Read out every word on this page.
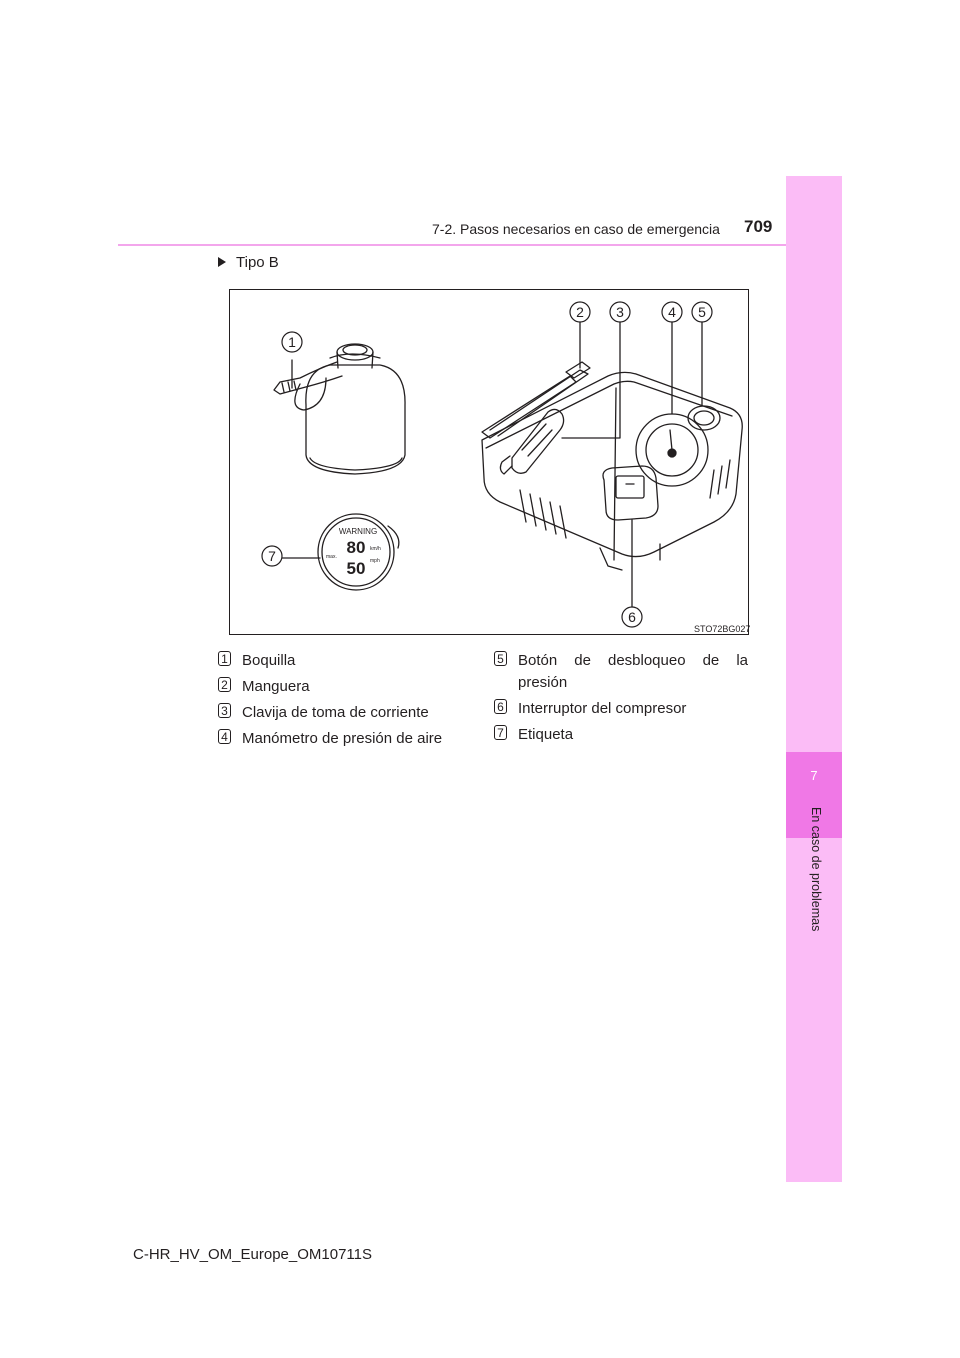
7-2. Pasos necesarios en caso de emergencia 709
7
En caso de problemas
Tipo B
WARNING
80
50
km/h
mph
max.
1
2 3	4 5
6
7
STO72BG027
1 Boquilla
2 Manguera
3 Clavija de toma de corriente
4 Manómetro de presión de aire
5 Botón de desbloqueo de la
presión
6 Interruptor del compresor
7 Etiqueta
C-HR_HV_OM_Europe_OM10711S
